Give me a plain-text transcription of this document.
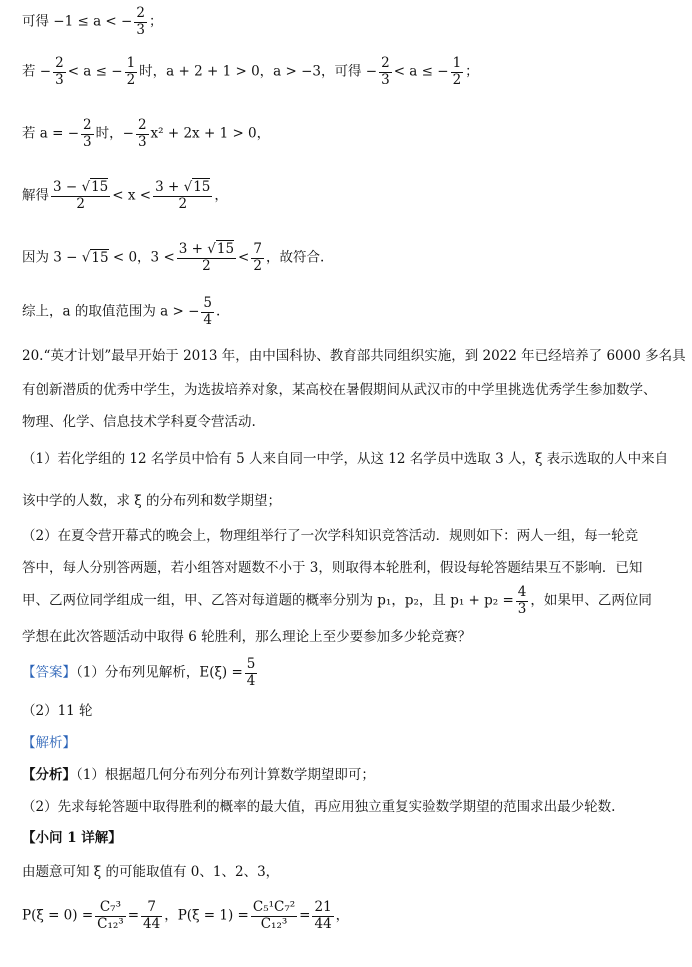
可得 −1 ≤ a < − $\frac{2}{3}$ ；
若 − $\frac{2}{3} < a$ ≤ − $\frac{1}{2}$ 时，a + 2 + 1 > 0，a > −3，可得 − $\frac{2}{3} < a$ ≤ − $\frac{1}{2}$ ；
若 a = − $\frac{2}{3}$ 时，− $\frac{2}{3} x^2 + 2x + 1 > 0$，
解得 $\frac{3 - √15}{2} < x < \frac{3 + √15}{2}$ ，
因为 3 − √15 < 0，$3 < \frac{3 + √15}{2} < \frac{7}{2}$ ，故符合.
综上，a 的取值范围为 a > − $\frac{5}{4}$ .
20.“英才计划”最早开始于 2013 年，由中国科协、教育部共同组织实施，到 2022 年已经培养了 6000 多名具
有创新潜质的优秀中学生，为选拔培养对象，某高校在暑假期间从武汉市的中学里挑选优秀学生参加数学、
物理、化学、信息技术学科夏令营活动.
（1）若化学组的 12 名学员中恰有 5 人来自同一中学，从这 12 名学员中选取 3 人，ξ 表示选取的人中来自
该中学的人数，求 ξ 的分布列和数学期望；
（2）在夏令营开幕式的晚会上，物理组举行了一次学科知识竞答活动．规则如下：两人一组，每一轮竞
答中，每人分别答两题，若小组答对题数不小于 3，则取得本轮胜利，假设每轮答题结果互不影响．已知
甲、乙两位同学组成一组，甲、乙答对每道题的概率分别为 p₁，p₂，且 $p_1 + p_2 = \frac{4}{3}$ ，如果甲、乙两位同
学想在此次答题活动中取得 6 轮胜利，那么理论上至少要参加多少轮竞赛？
【答案】（1）分布列见解析，$E(\xi) = \frac{5}{4}$
（2）11 轮
【解析】
【分析】（1）根据超几何分布列分布列计算数学期望即可；
（2）先求每轮答题中取得胜利的概率的最大值，再应用独立重复实验数学期望的范围求出最少轮数.
【小问 1 详解】
由题意可知 ξ 的可能取值有 0、1、2、3，
$P(\xi = 0) = \frac{\text{C₇³}}{\text{C₁₂³}} = \frac{7}{44}$ ，$P(\xi = 1) = \frac{\text{C₅¹C₇²}}{\text{C₁₂³}} = \frac{21}{44}$ ，
